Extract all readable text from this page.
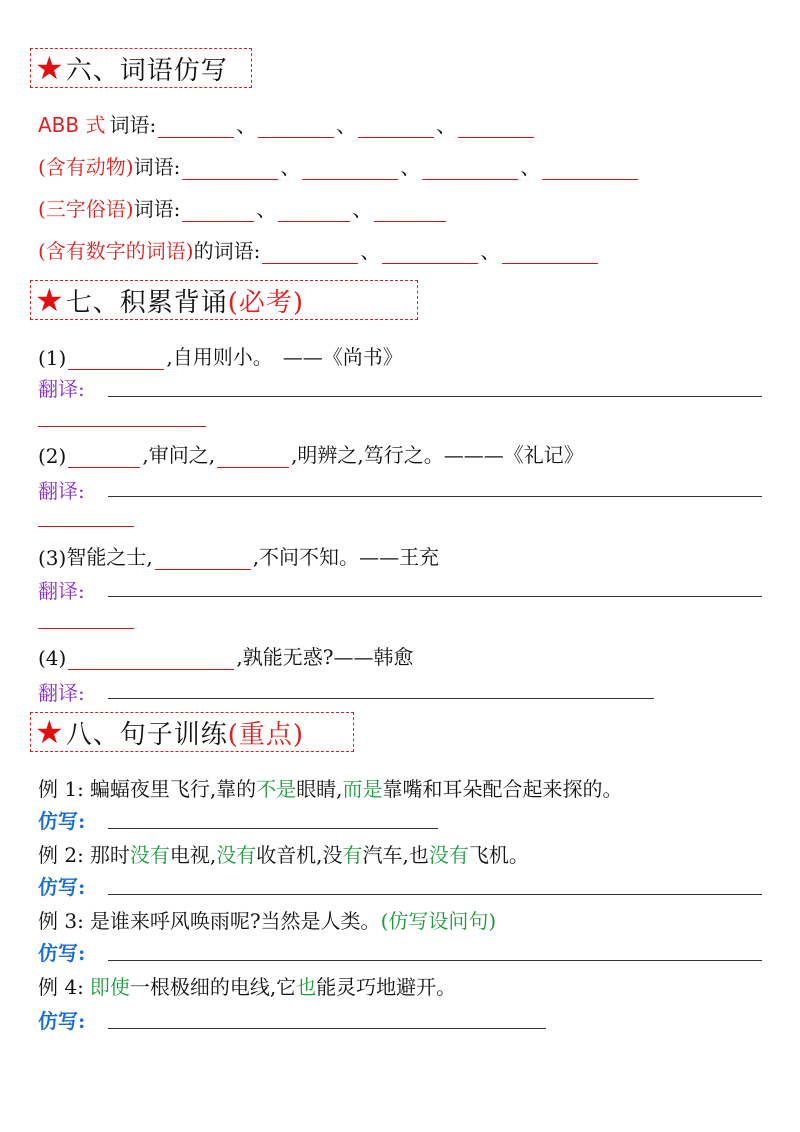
★ 六、词语仿写
ABB 式 词语:	、	、	、
(含有动物) 词语:	、	、	、
(三字俗语) 词语:	、	、
(含有数字的词语) 的词语:	、	、
★ 七、积累背诵(必考)
(1)	,自用则小。 ——《尚书》
翻译:
(2)	,审问之,	,明辨之,笃行之。 ———《礼记》
翻译:
(3) 智能之士,	,不问不知。 ——王充
翻译:
(4)	,孰能无惑? ——韩愈
翻译:
★ 八、句子训练(重点)
例 1: 蝙蝠夜里飞行,靠的 不是 眼睛, 而是 靠嘴和耳朵配合起来探的。
仿写:
例 2: 那时 没有 电视, 没有 收音机,没 有 汽车,也 没有 飞机。
仿写:
例 3: 是谁来呼风唤雨呢?当然是人类。 (仿写设问句)
仿写:
例 4: 即使 一根极细的电线,它 也 能灵巧地避开。
仿写:
